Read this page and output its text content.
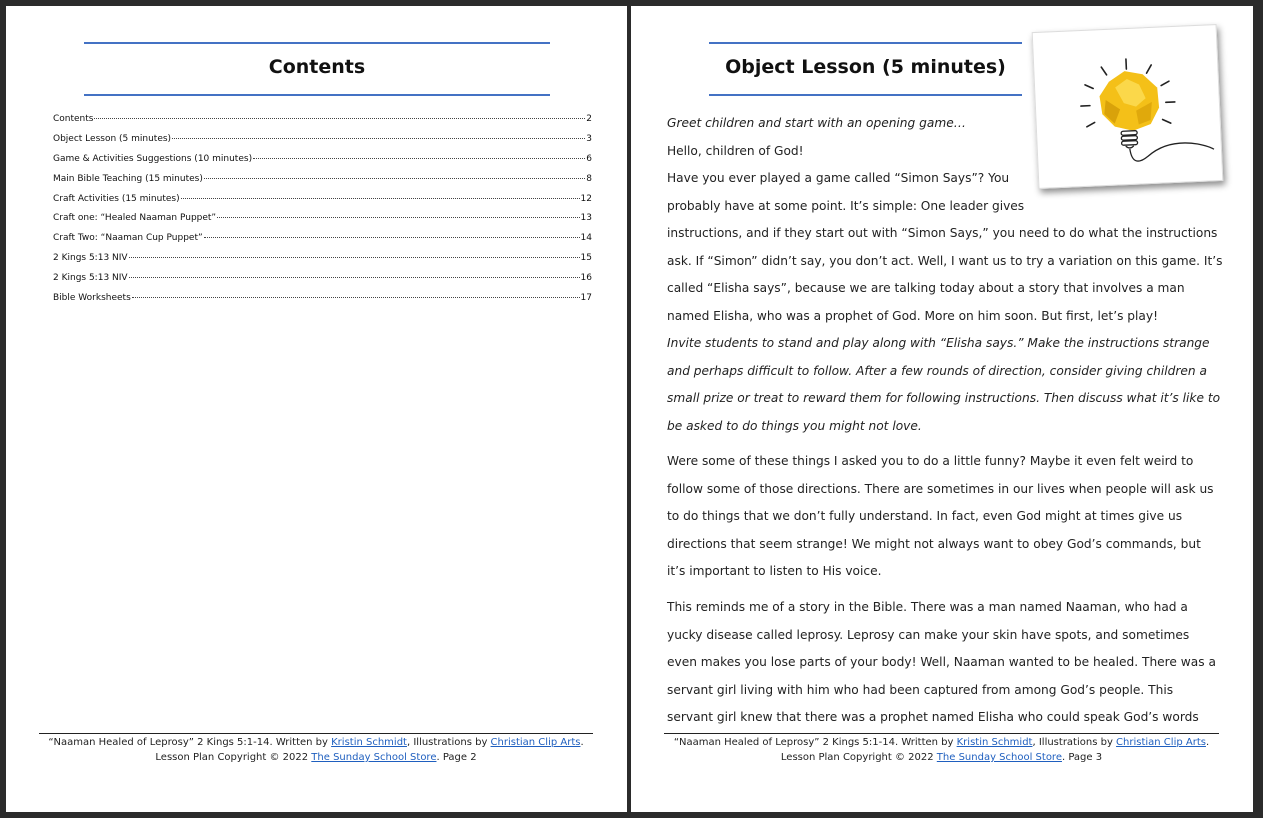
Contents
Contents	2
Object Lesson (5 minutes)	3
Game & Activities Suggestions (10 minutes)	6
Main Bible Teaching (15 minutes)	8
Craft Activities (15 minutes)	12
Craft one: “Healed Naaman Puppet”	13
Craft Two: “Naaman Cup Puppet”	14
2 Kings 5:13 NIV	15
2 Kings 5:13 NIV	16
Bible Worksheets	17
“Naaman Healed of Leprosy” 2 Kings 5:1-14. Written by Kristin Schmidt, Illustrations by Christian Clip Arts.
Lesson Plan Copyright © 2022 The Sunday School Store. Page 2
Object Lesson (5 minutes)
Greet children and start with an opening game…
Hello, children of God!
Have you ever played a game called “Simon Says”? You
probably have at some point. It’s simple: One leader gives
instructions, and if they start out with “Simon Says,” you need to do what the instructions
ask. If “Simon” didn’t say, you don’t act. Well, I want us to try a variation on this game. It’s
called “Elisha says”, because we are talking today about a story that involves a man
named Elisha, who was a prophet of God. More on him soon. But first, let’s play!
Invite students to stand and play along with “Elisha says.” Make the instructions strange
and perhaps difficult to follow. After a few rounds of direction, consider giving children a
small prize or treat to reward them for following instructions. Then discuss what it’s like to
be asked to do things you might not love.
Were some of these things I asked you to do a little funny? Maybe it even felt weird to
follow some of those directions. There are sometimes in our lives when people will ask us
to do things that we don’t fully understand. In fact, even God might at times give us
directions that seem strange! We might not always want to obey God’s commands, but
it’s important to listen to His voice.
This reminds me of a story in the Bible. There was a man named Naaman, who had a
yucky disease called leprosy. Leprosy can make your skin have spots, and sometimes
even makes you lose parts of your body! Well, Naaman wanted to be healed. There was a
servant girl living with him who had been captured from among God’s people. This
servant girl knew that there was a prophet named Elisha who could speak God’s words
“Naaman Healed of Leprosy” 2 Kings 5:1-14. Written by Kristin Schmidt, Illustrations by Christian Clip Arts.
Lesson Plan Copyright © 2022 The Sunday School Store. Page 3
